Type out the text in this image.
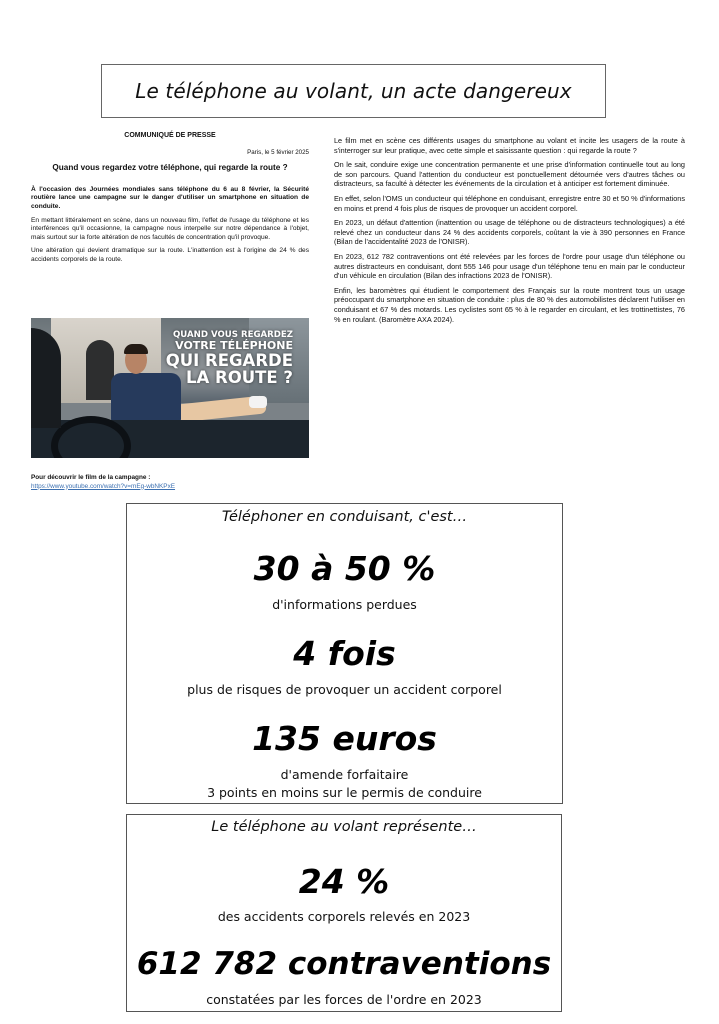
Le téléphone au volant, un acte dangereux
COMMUNIQUÉ DE PRESSE
Paris, le 5 février 2025
Quand vous regardez votre téléphone, qui regarde la route ?

À l'occasion des Journées mondiales sans téléphone du 6 au 8 février, la Sécurité routière lance une campagne sur le danger d'utiliser un smartphone en situation de conduite.

En mettant littéralement en scène, dans un nouveau film, l'effet de l'usage du téléphone et les interférences qu'il occasionne, la campagne nous interpelle sur notre dépendance à l'objet, mais surtout sur la forte altération de nos facultés de concentration qu'il provoque.

Une altération qui devient dramatique sur la route. L'inattention est à l'origine de 24 % des accidents corporels de la route.

QUAND VOUS REGARDEZ
VOTRE TÉLÉPHONE
QUI REGARDE
LA ROUTE ?
Pour découvrir le film de la campagne :
https://www.youtube.com/watch?v=mEg-wbNKPxE

Le film met en scène ces différents usages du smartphone au volant et incite les usagers de la route à s'interroger sur leur pratique, avec cette simple et saisissante question : qui regarde la route ?

On le sait, conduire exige une concentration permanente et une prise d'information continuelle tout au long de son parcours. Quand l'attention du conducteur est ponctuellement détournée vers d'autres tâches ou distracteurs, sa faculté à détecter les événements de la circulation et à anticiper est fortement diminuée.

En effet, selon l'OMS un conducteur qui téléphone en conduisant, enregistre entre 30 et 50 % d'informations en moins et prend 4 fois plus de risques de provoquer un accident corporel.

En 2023, un défaut d'attention (inattention ou usage de téléphone ou de distracteurs technologiques) a été relevé chez un conducteur dans 24 % des accidents corporels, coûtant la vie à 390 personnes en France (Bilan de l'accidentalité 2023 de l'ONISR).

En 2023, 612 782 contraventions ont été relevées par les forces de l'ordre pour usage d'un téléphone ou autres distracteurs en conduisant, dont 555 146 pour usage d'un téléphone tenu en main par le conducteur d'un véhicule en circulation (Bilan des infractions 2023 de l'ONISR).

Enfin, les baromètres qui étudient le comportement des Français sur la route montrent tous un usage préoccupant du smartphone en situation de conduite : plus de 80 % des automobilistes déclarent l'utiliser en conduisant et 67 % des motards. Les cyclistes sont 65 % à le regarder en circulant, et les trottinettistes, 76 % en roulant. (Baromètre AXA 2024).

Téléphoner en conduisant, c'est…
30 à 50 %
d'informations perdues
4 fois
plus de risques de provoquer un accident corporel
135 euros
d'amende forfaitaire
3 points en moins sur le permis de conduire
Le téléphone au volant représente…
24 %
des accidents corporels relevés en 2023
612 782 contraventions
constatées par les forces de l'ordre en 2023
